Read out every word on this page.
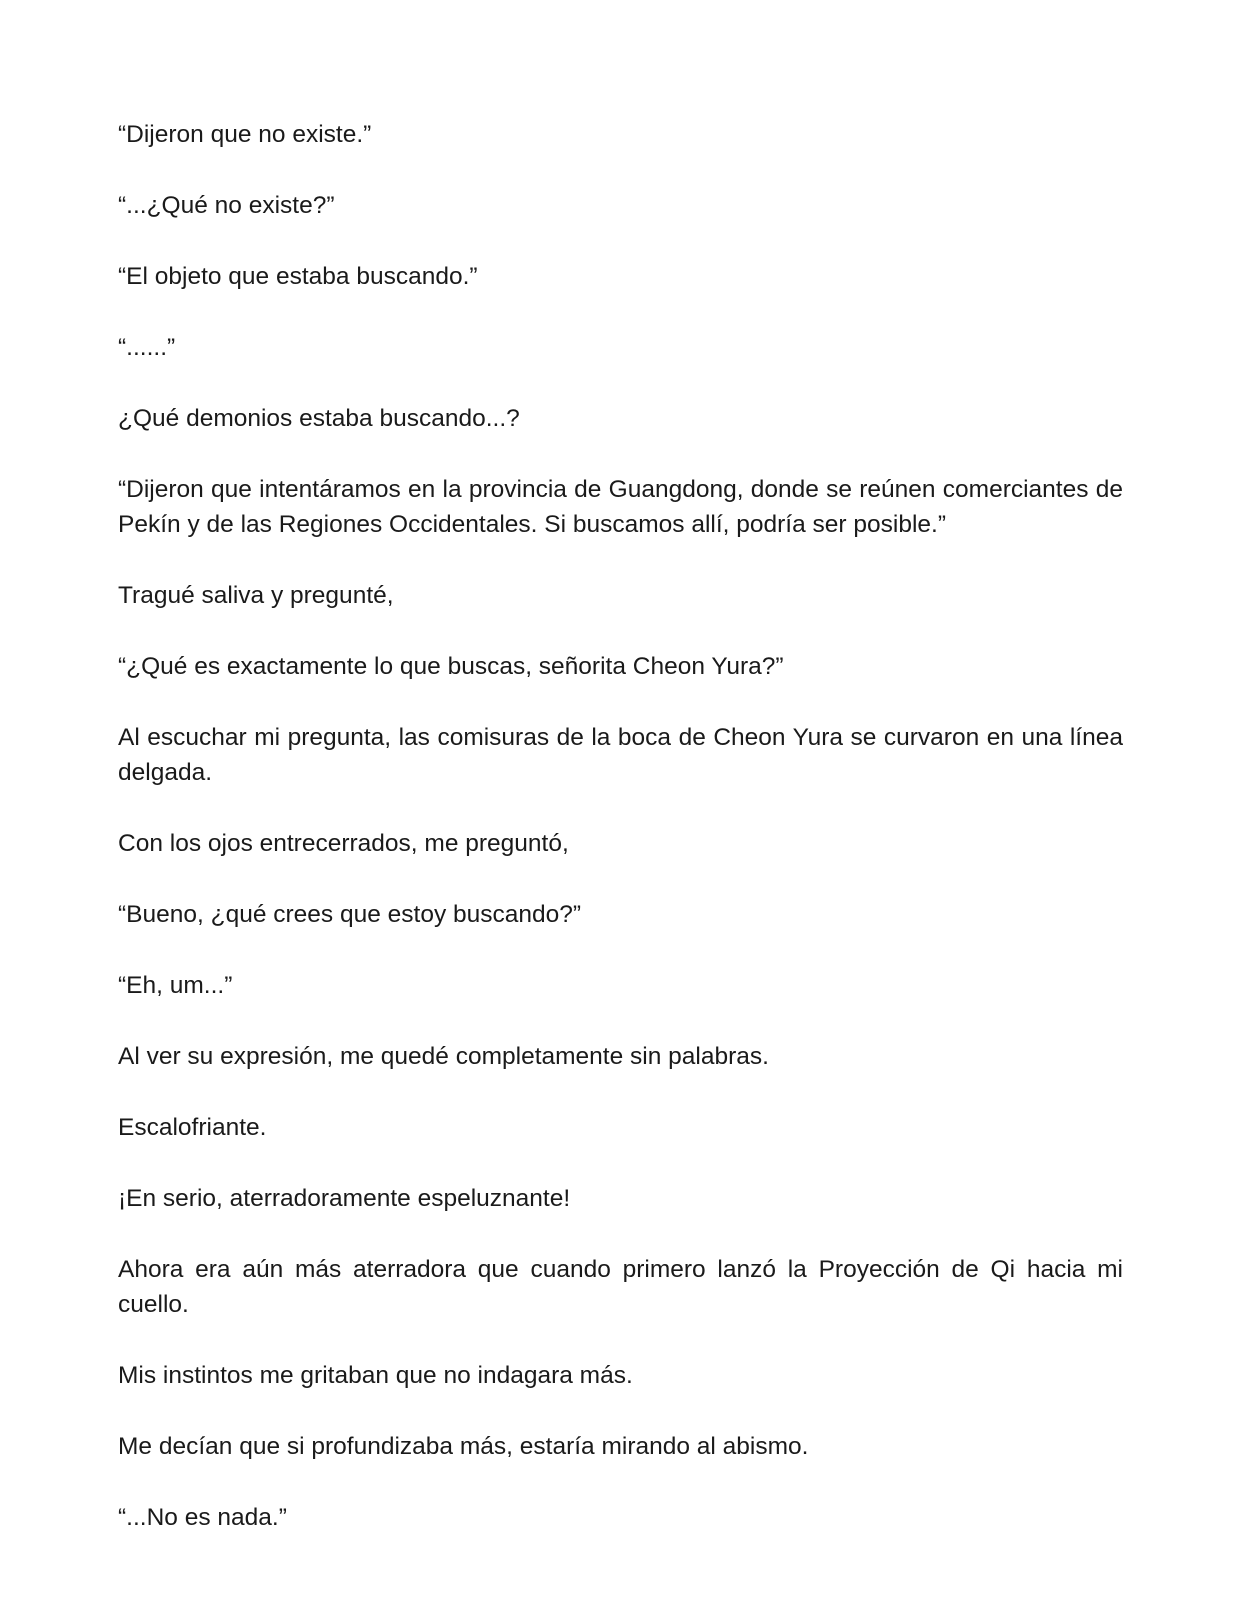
“Dijeron que no existe.”

“...¿Qué no existe?”

“El objeto que estaba buscando.”

“......”

¿Qué demonios estaba buscando...?

“Dijeron que intentáramos en la provincia de Guangdong, donde se reúnen comerciantes de Pekín y de las Regiones Occidentales. Si buscamos allí, podría ser posible.”

Tragué saliva y pregunté,

“¿Qué es exactamente lo que buscas, señorita Cheon Yura?”

Al escuchar mi pregunta, las comisuras de la boca de Cheon Yura se curvaron en una línea delgada.

Con los ojos entrecerrados, me preguntó,

“Bueno, ¿qué crees que estoy buscando?”

“Eh, um...”

Al ver su expresión, me quedé completamente sin palabras.

Escalofriante.

¡En serio, aterradoramente espeluznante!

Ahora era aún más aterradora que cuando primero lanzó la Proyección de Qi hacia mi cuello.

Mis instintos me gritaban que no indagara más.

Me decían que si profundizaba más, estaría mirando al abismo.

“...No es nada.”
